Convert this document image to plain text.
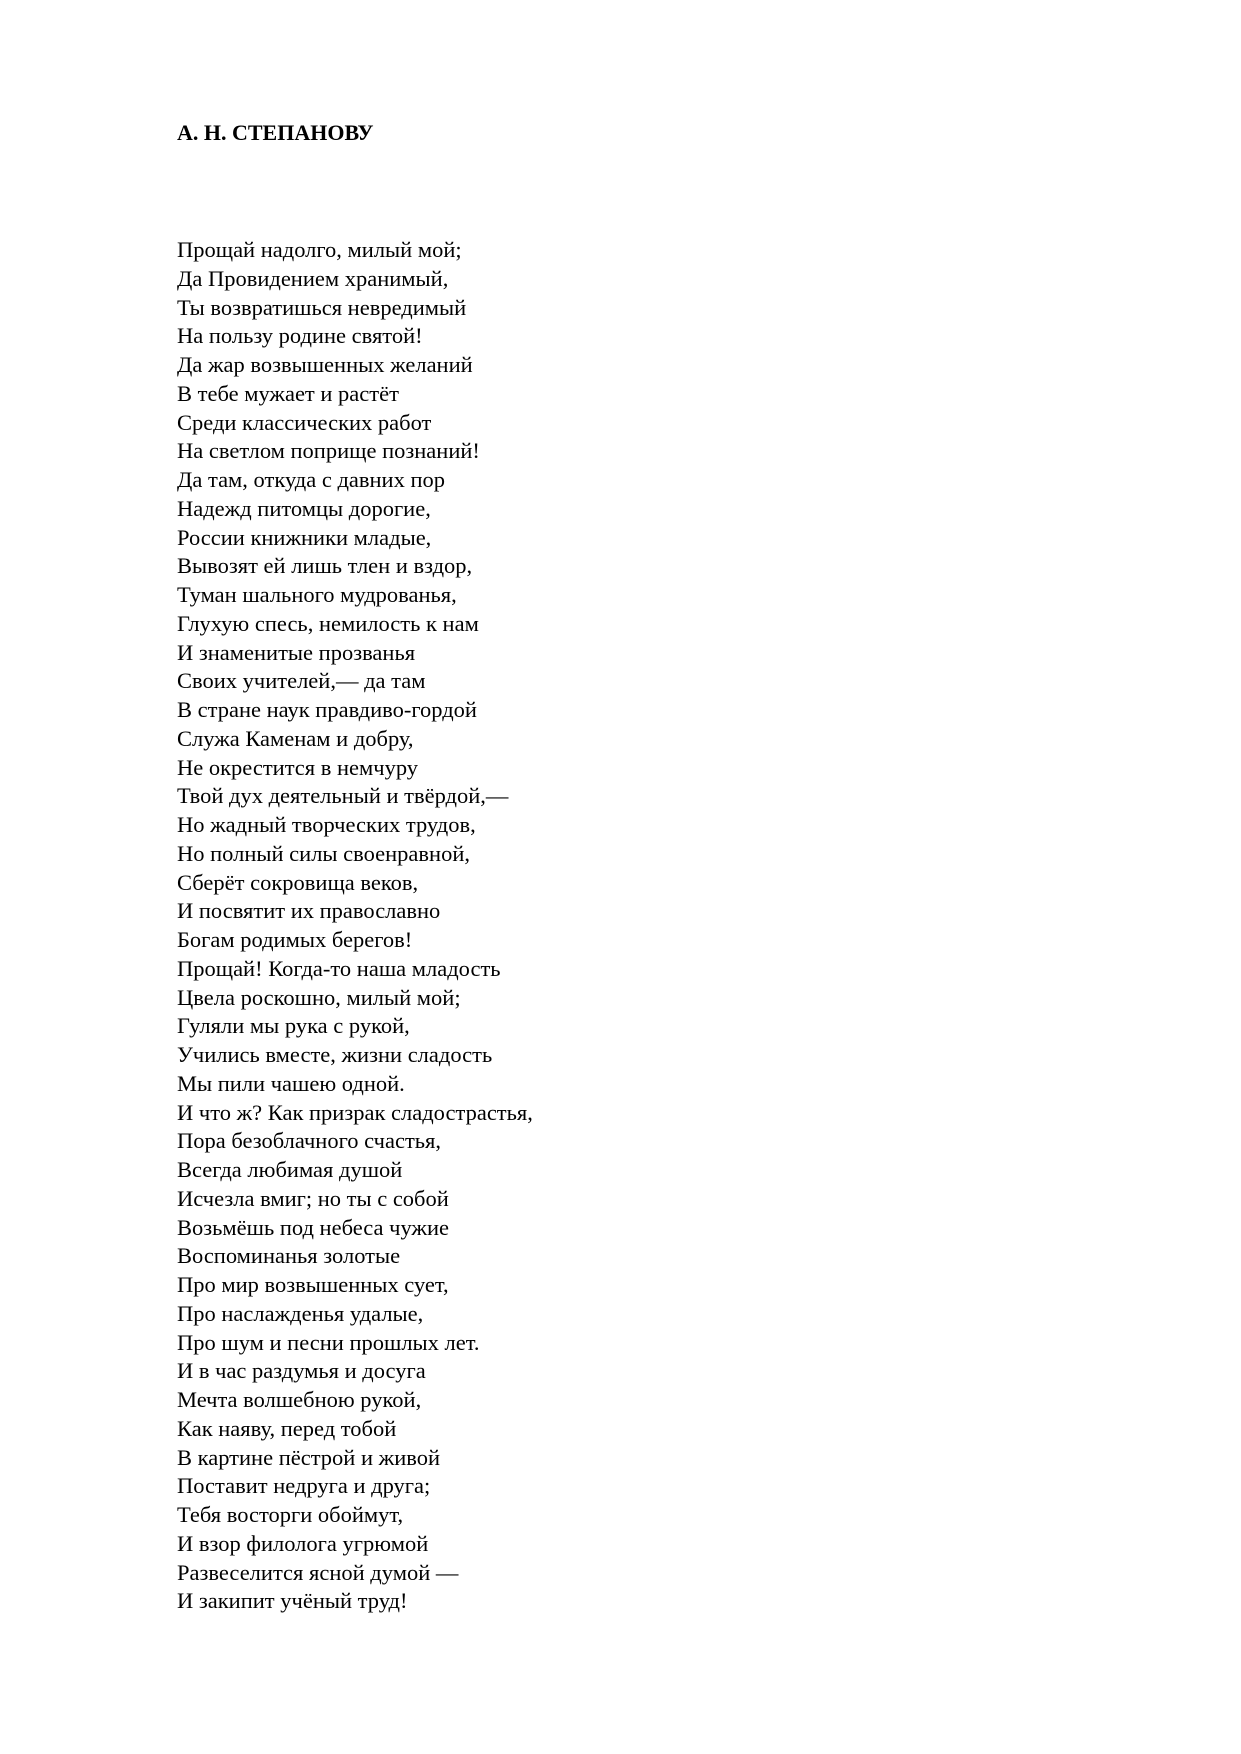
А. Н. СТЕПАНОВУ
Прощай надолго, милый мой;
Да Провидением хранимый,
Ты возвратишься невредимый
На пользу родине святой!
Да жар возвышенных желаний
В тебе мужает и растёт
Среди классических работ
На светлом поприще познаний!
Да там, откуда с давних пор
Надежд питомцы дорогие,
России книжники младые,
Вывозят ей лишь тлен и вздор,
Туман шального мудрованья,
Глухую спесь, немилость к нам
И знаменитые прозванья
Своих учителей,— да там
В стране наук правдиво-гордой
Служа Каменам и добру,
Не окрестится в немчуру
Твой дух деятельный и твёрдой,—
Но жадный творческих трудов,
Но полный силы своенравной,
Сберёт сокровища веков,
И посвятит их православно
Богам родимых берегов!
Прощай! Когда-то наша младость
Цвела роскошно, милый мой;
Гуляли мы рука с рукой,
Учились вместе, жизни сладость
Мы пили чашею одной.
И что ж? Как призрак сладострастья,
Пора безоблачного счастья,
Всегда любимая душой
Исчезла вмиг; но ты с собой
Возьмёшь под небеса чужие
Воспоминанья золотые
Про мир возвышенных сует,
Про наслажденья удалые,
Про шум и песни прошлых лет.
И в час раздумья и досуга
Мечта волшебною рукой,
Как наяву, перед тобой
В картине пёстрой и живой
Поставит недруга и друга;
Тебя восторги обоймут,
И взор филолога угрюмой
Развеселится ясной думой —
И закипит учёный труд!
